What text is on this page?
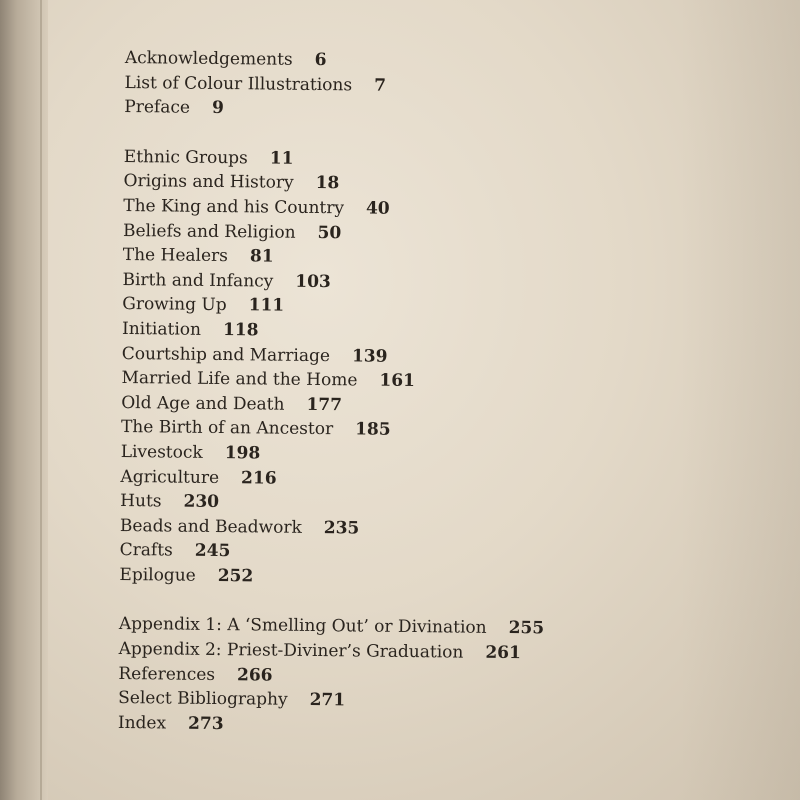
Acknowledgements 6
List of Colour Illustrations 7
Preface 9
Ethnic Groups 11
Origins and History 18
The King and his Country 40
Beliefs and Religion 50
The Healers 81
Birth and Infancy 103
Growing Up 111
Initiation 118
Courtship and Marriage 139
Married Life and the Home 161
Old Age and Death 177
The Birth of an Ancestor 185
Livestock 198
Agriculture 216
Huts 230
Beads and Beadwork 235
Crafts 245
Epilogue 252
Appendix 1: A ‘Smelling Out’ or Divination 255
Appendix 2: Priest-Diviner’s Graduation 261
References 266
Select Bibliography 271
Index 273
